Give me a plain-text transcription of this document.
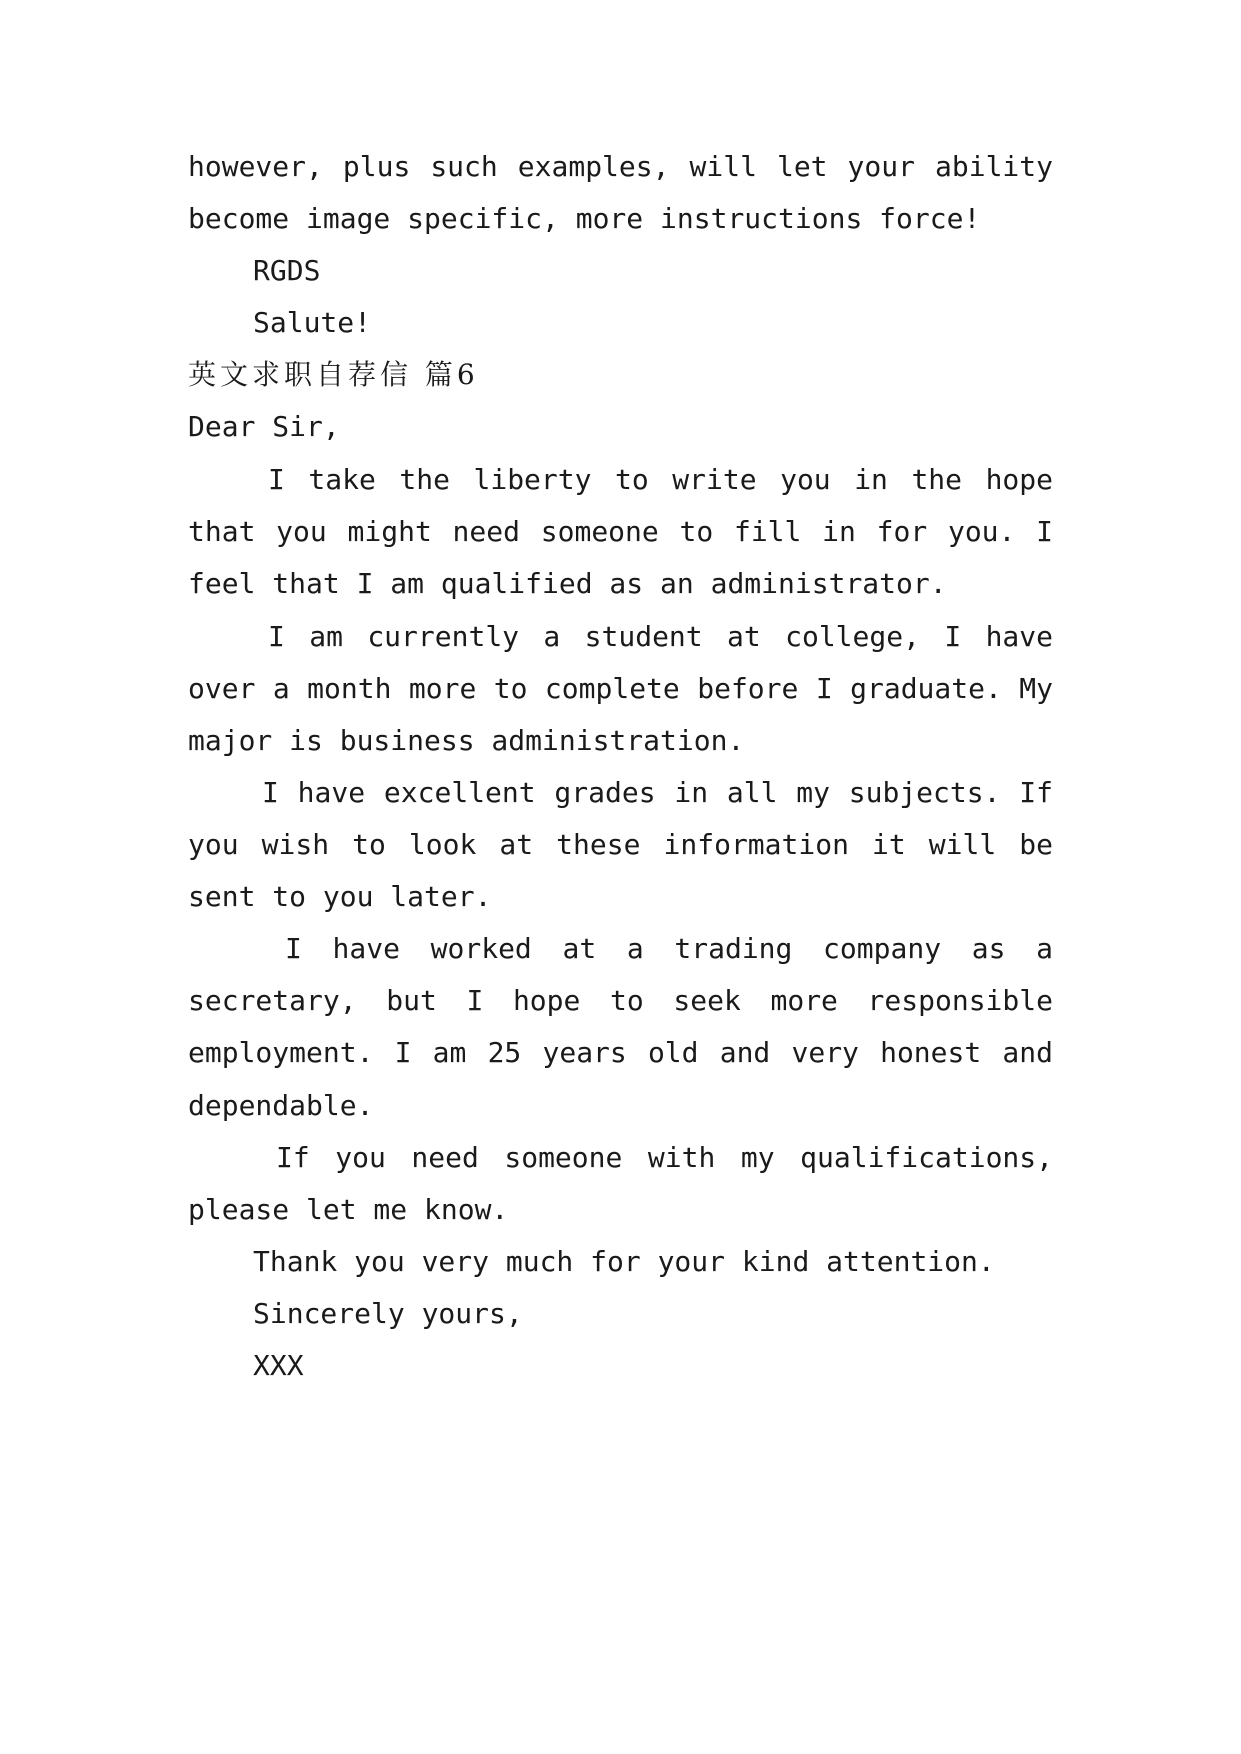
however, plus such examples, will let your ability
become image specific, more instructions force!
RGDS
Salute!
英文求职自荐信 篇6
Dear Sir,
I take the liberty to write you in the hope
that you might need someone to fill in for you. I
feel that I am qualified as an administrator.
I am currently a student at college, I have
over a month more to complete before I graduate. My
major is business administration.
I have excellent grades in all my subjects. If
you wish to look at these information it will be
sent to you later.
I have worked at a trading company as a
secretary, but I hope to seek more responsible
employment. I am 25 years old and very honest and
dependable.
If you need someone with my qualifications,
please let me know.
Thank you very much for your kind attention.
Sincerely yours,
XXX
